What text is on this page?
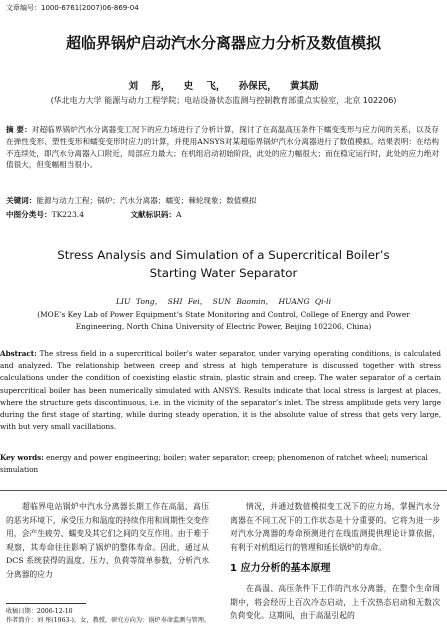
文章编号：1000-6761(2007)06-869-04
超临界锅炉启动汽水分离器应力分析及数值模拟
刘 彤， 史 飞， 孙保民， 黄其励
(华北电力大学 能源与动力工程学院；电站设备状态监测与控制教育部重点实验室，北京 102206)
摘 要：对超临界锅炉汽水分离器变工况下的应力场进行了分析计算，探讨了在高温高压条件下蠕变变形与应力间的关系，以及存在弹性变形、塑性变形和蠕变变形时应力的计算，并使用ANSYS对某超临界锅炉汽水分离器进行了数值模拟。结果表明：在结构不连续处，即汽水分离器入口附近，局部应力最大；在机组启动初始阶段，此处的应力幅很大；而在稳定运行时，此处的应力绝对值很大，但变幅相当很小。
关键词：能源与动力工程；锅炉；汽水分离器；蠕变；棘轮现象；数值模拟
中图分类号：TK223.4	文献标识码：A
Stress Analysis and Simulation of a Supercritical Boiler’s
Starting Water Separator
LIU Tong， SHI Fei， SUN Baomin， HUANG Qi-li
(MOE’s Key Lab of Power Equipment’s State Monitoring and Control, College of Energy and Power Engineering, North China University of Electric Power, Beijing 102206, China)
Abstract: The stress field in a supercritical boiler’s water separator, under varying operating conditions, is calculated and analyzed. The relationship between creep and stress at high temperature is discussed together with stress calculations under the condition of coexisting elastic strain, plastic strain and creep. The water separator of a certain supercritical boiler has been numerically simulated with ANSYS. Results indicate that local stress is largest at places, where the structure gets discontinuous, i.e. in the vicinity of the separator’s inlet. The stress amplitude gets very large during the first stage of starting, while during steady operation, it is the absolute value of stress that gets very large, with but very small vacillations.
Key words: energy and power engineering; boiler; water separator; creep; phenomenon of ratchet wheel; numerical simulation

超临界电站锅炉中汽水分离器长期工作在高温、高压的恶劣环境下，承受压力和温度的持续作用和周期性交变作用，会产生疲劳、蠕变及其它们之间的交互作用。由于难于观察，其寿命往往影响了锅炉的整体寿命。因此，通过从 DCS 系统获得的温度、压力、负荷等简单参数，分析汽水分离器的应力

情况，并通过数值模拟变工况下的应力场，掌握汽水分离器在不同工况下的工作状态是十分重要的。它将为进一步对汽水分离器的寿命预测进行在线监测提供理论计算依据，有利于对机组运行的管理和延长锅炉的寿命。

1 应力分析的基本原理

在高温、高压条件下工作的汽水分离器，在整个生命周期中，将会经历上百次冷态启动，上千次热态启动和无数次负荷变化。这期间，由于高温引起的

收稿日期：2006-12-10
作者简介：刘 彤(1963-)，女，教授，研究方向为：锅炉寿命监测与管理。
